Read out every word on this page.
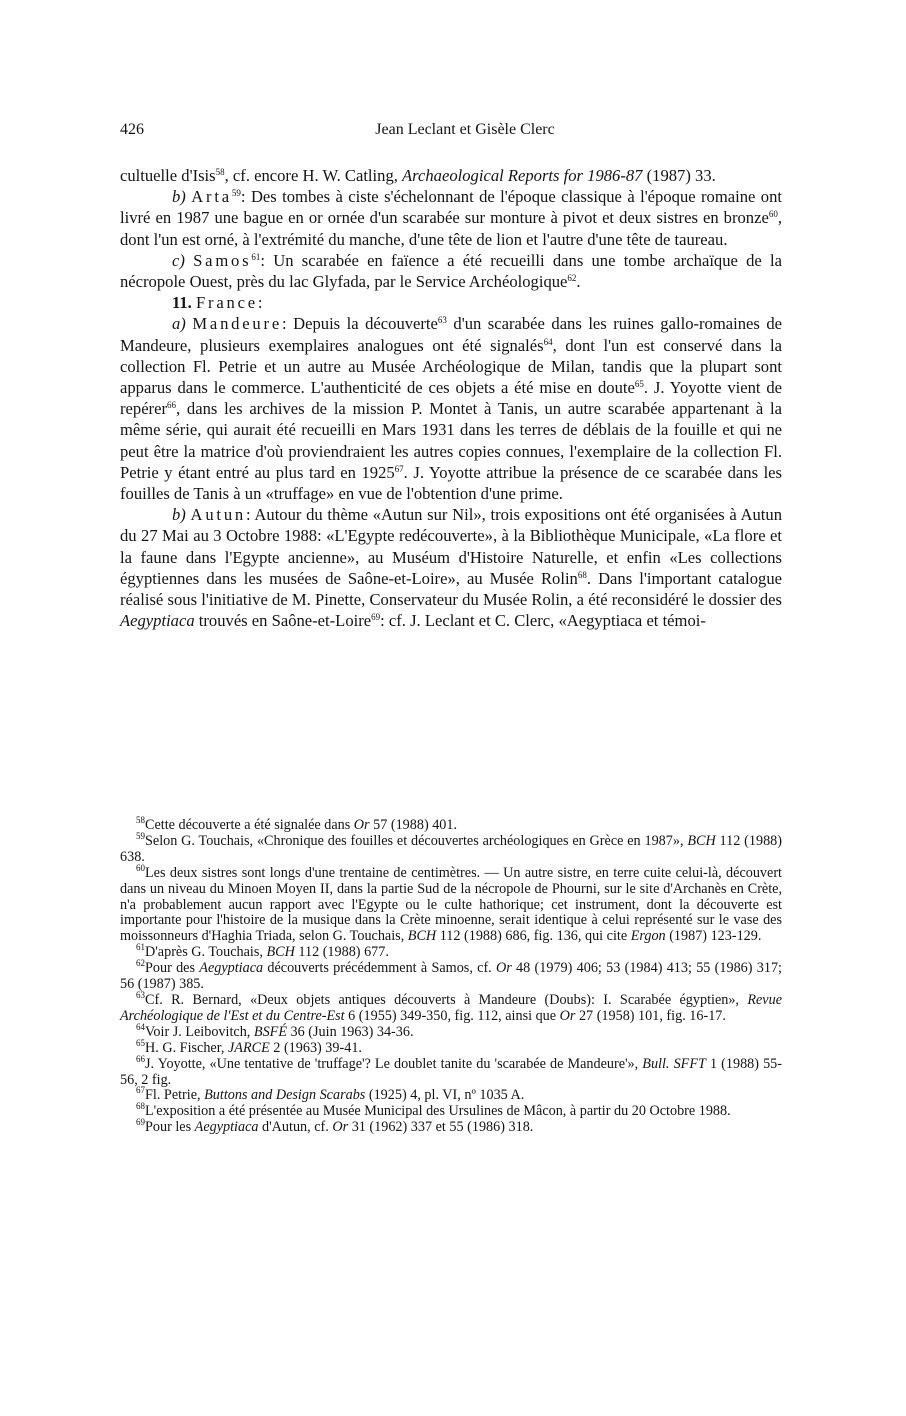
426	Jean Leclant et Gisèle Clerc

cultuelle d'Isis$^{58}$, cf. encore H. W. Catling, Archaeological Reports for 1986-87 (1987) 33.

b) Arta$^{59}$: Des tombes à ciste s'échelonnant de l'époque classique à l'époque romaine ont livré en 1987 une bague en or ornée d'un scarabée sur monture à pivot et deux sistres en bronze$^{60}$, dont l'un est orné, à l'extrémité du manche, d'une tête de lion et l'autre d'une tête de taureau.

c) Samos$^{61}$: Un scarabée en faïence a été recueilli dans une tombe archaïque de la nécropole Ouest, près du lac Glyfada, par le Service Archéologique$^{62}$.

11. France:

a) Mandeure: Depuis la découverte$^{63}$ d'un scarabée dans les ruines gallo-romaines de Mandeure, plusieurs exemplaires analogues ont été signalés$^{64}$, dont l'un est conservé dans la collection Fl. Petrie et un autre au Musée Archéologique de Milan, tandis que la plupart sont apparus dans le commerce. L'authenticité de ces objets a été mise en doute$^{65}$. J. Yoyotte vient de repérer$^{66}$, dans les archives de la mission P. Montet à Tanis, un autre scarabée appartenant à la même série, qui aurait été recueilli en Mars 1931 dans les terres de déblais de la fouille et qui ne peut être la matrice d'où proviendraient les autres copies connues, l'exemplaire de la collection Fl. Petrie y étant entré au plus tard en 1925$^{67}$. J. Yoyotte attribue la présence de ce scarabée dans les fouilles de Tanis à un «truffage» en vue de l'obtention d'une prime.

b) Autun: Autour du thème «Autun sur Nil», trois expositions ont été organisées à Autun du 27 Mai au 3 Octobre 1988: «L'Egypte redécouverte», à la Bibliothèque Municipale, «La flore et la faune dans l'Egypte ancienne», au Muséum d'Histoire Naturelle, et enfin «Les collections égyptiennes dans les musées de Saône-et-Loire», au Musée Rolin$^{68}$. Dans l'important catalogue réalisé sous l'initiative de M. Pinette, Conservateur du Musée Rolin, a été reconsidéré le dossier des Aegyptiaca trouvés en Saône-et-Loire$^{69}$: cf. J. Leclant et C. Clerc, «Aegyptiaca et témoi-

$^{58}$Cette découverte a été signalée dans Or 57 (1988) 401.

$^{59}$Selon G. Touchais, «Chronique des fouilles et découvertes archéologiques en Grèce en 1987», BCH 112 (1988) 638.

$^{60}$Les deux sistres sont longs d'une trentaine de centimètres. — Un autre sistre, en terre cuite celui-là, découvert dans un niveau du Minoen Moyen II, dans la partie Sud de la nécropole de Phourni, sur le site d'Archanès en Crète, n'a probablement aucun rapport avec l'Egypte ou le culte hathorique; cet instrument, dont la découverte est importante pour l'histoire de la musique dans la Crète minoenne, serait identique à celui représenté sur le vase des moissonneurs d'Haghia Triada, selon G. Touchais, BCH 112 (1988) 686, fig. 136, qui cite Ergon (1987) 123-129.

$^{61}$D'après G. Touchais, BCH 112 (1988) 677.

$^{62}$Pour des Aegyptiaca découverts précédemment à Samos, cf. Or 48 (1979) 406; 53 (1984) 413; 55 (1986) 317; 56 (1987) 385.

$^{63}$Cf. R. Bernard, «Deux objets antiques découverts à Mandeure (Doubs): I. Scarabée égyptien», Revue Archéologique de l'Est et du Centre-Est 6 (1955) 349-350, fig. 112, ainsi que Or 27 (1958) 101, fig. 16-17.

$^{64}$Voir J. Leibovitch, BSFÉ 36 (Juin 1963) 34-36.

$^{65}$H. G. Fischer, JARCE 2 (1963) 39-41.

$^{66}$J. Yoyotte, «Une tentative de 'truffage'? Le doublet tanite du 'scarabée de Mandeure'», Bull. SFFT 1 (1988) 55-56, 2 fig.

$^{67}$Fl. Petrie, Buttons and Design Scarabs (1925) 4, pl. VI, nº 1035 A.

$^{68}$L'exposition a été présentée au Musée Municipal des Ursulines de Mâcon, à partir du 20 Octobre 1988.

$^{69}$Pour les Aegyptiaca d'Autun, cf. Or 31 (1962) 337 et 55 (1986) 318.
